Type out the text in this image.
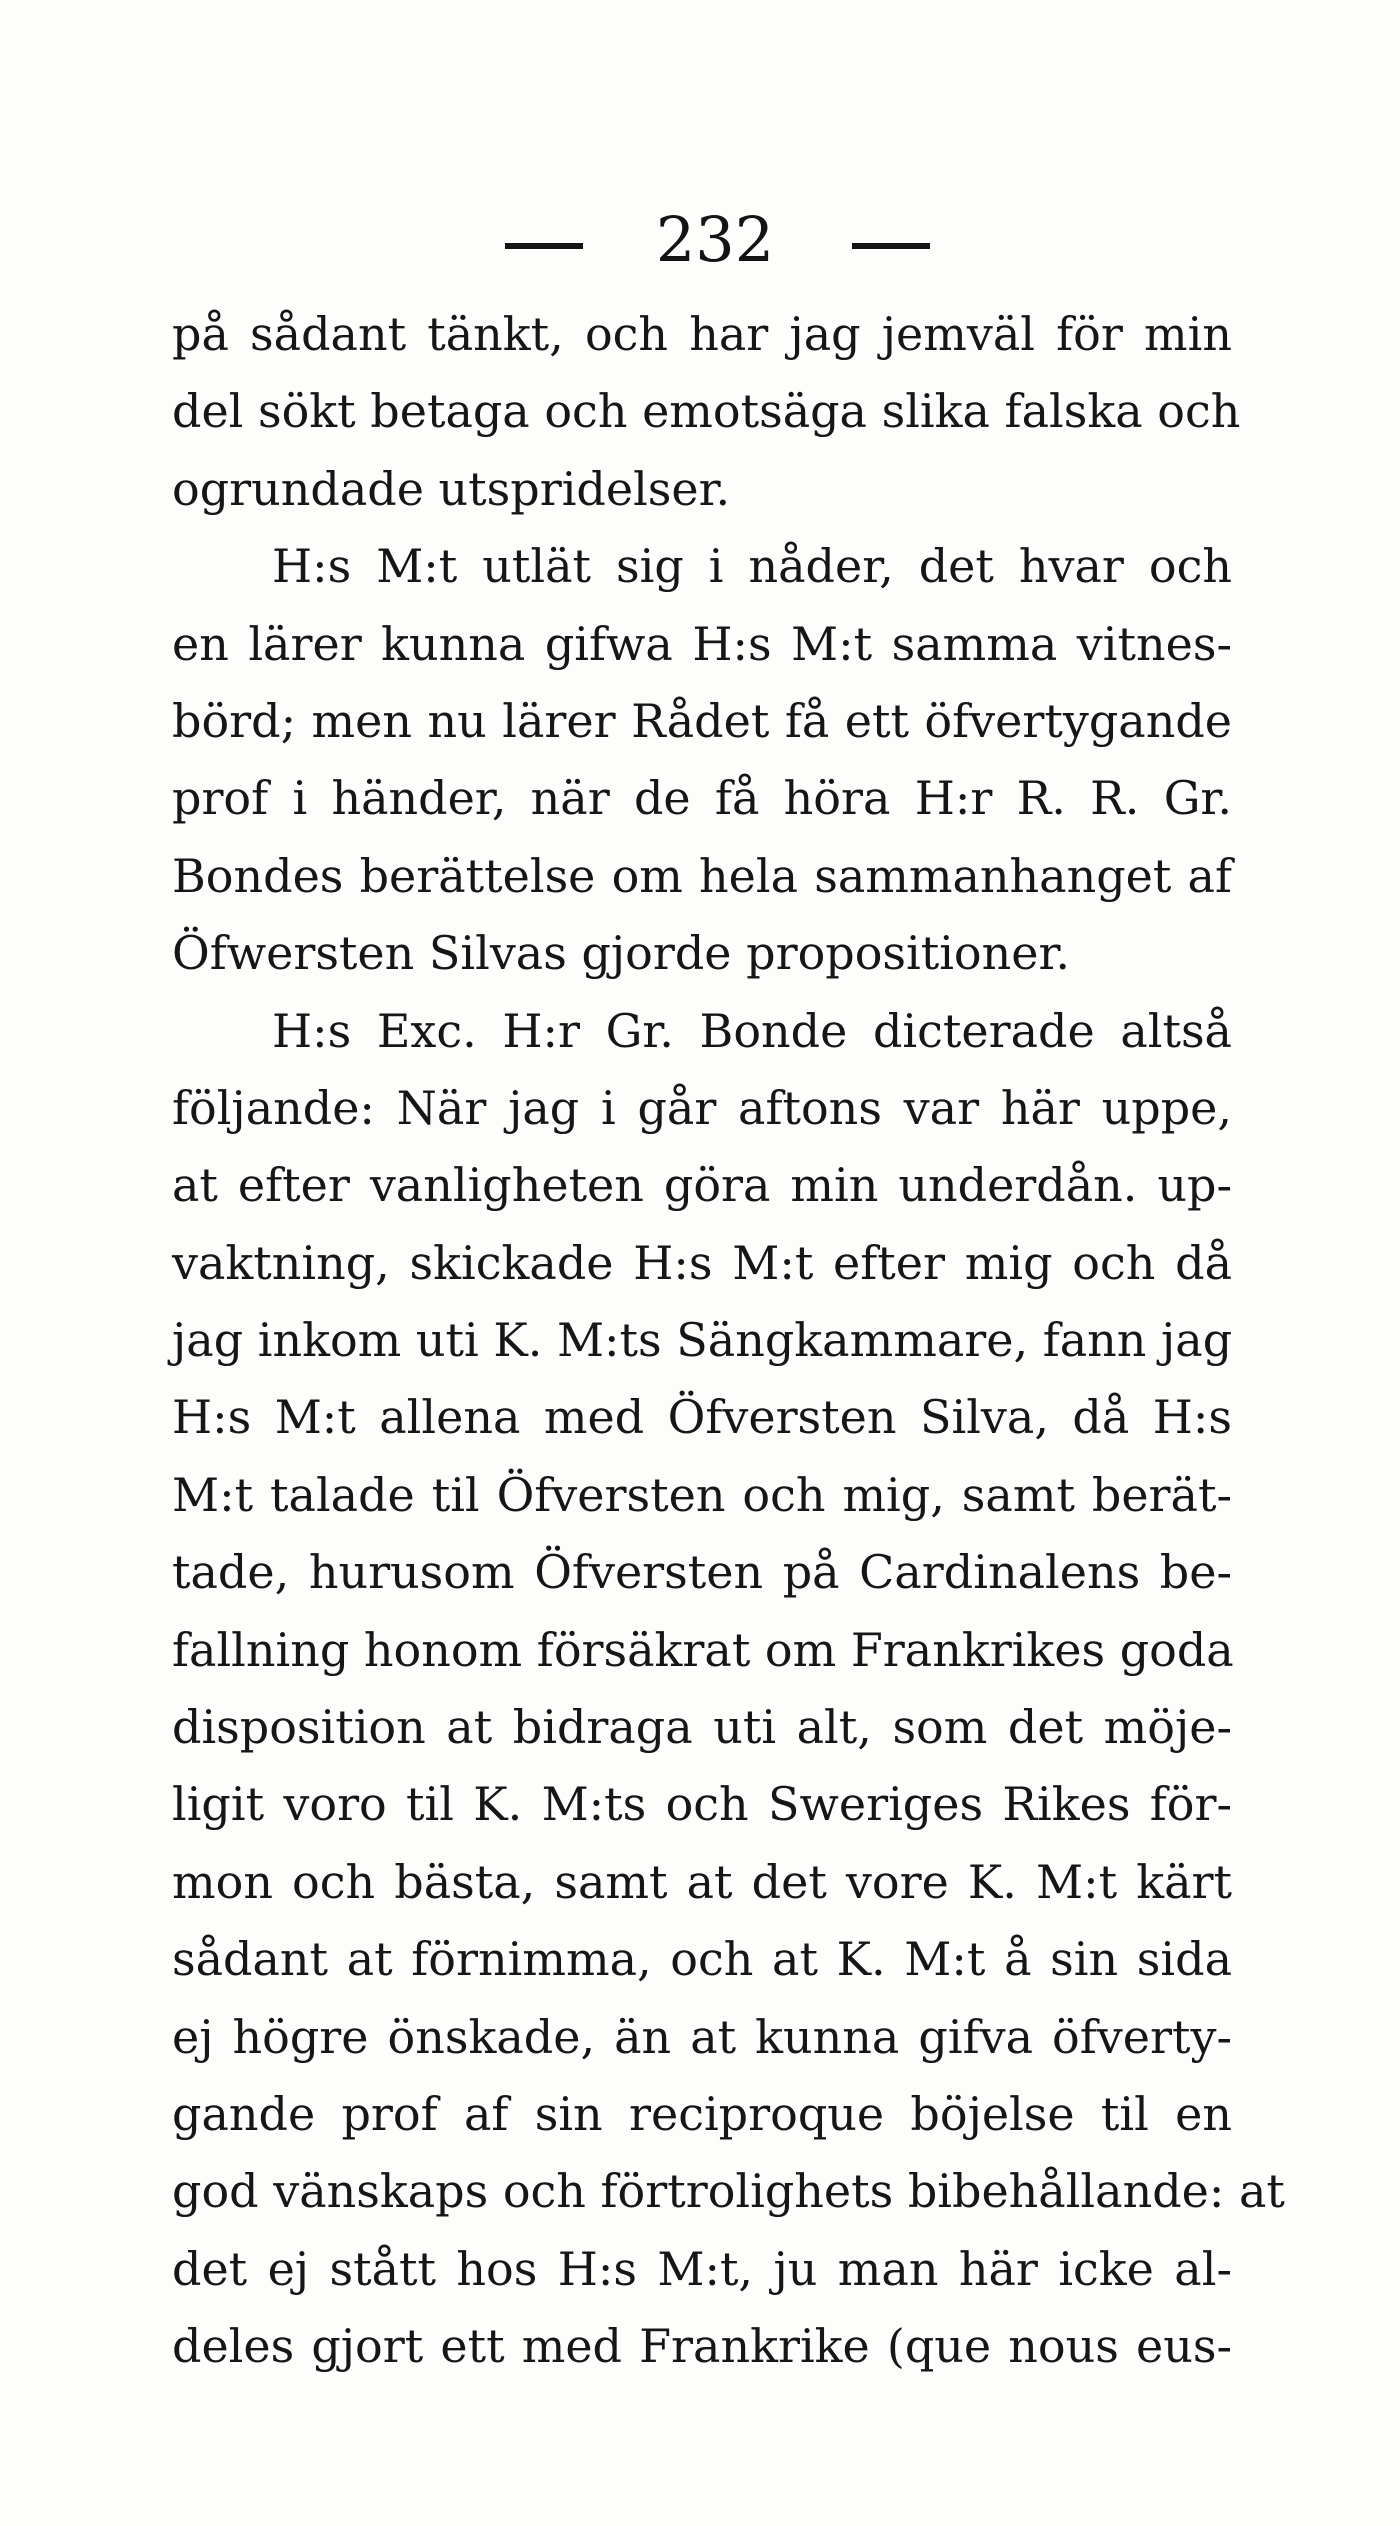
232
på sådant tänkt, och har jag jemväl för min
del sökt betaga och emotsäga slika falska och
ogrundade utspridelser.
H:s M:t utlät sig i nåder, det hvar och
en lärer kunna gifwa H:s M:t samma vitnes-
börd; men nu lärer Rådet få ett öfvertygande
prof i händer, när de få höra H:r R. R. Gr.
Bondes berättelse om hela sammanhanget af
Öfwersten Silvas gjorde propositioner.
H:s Exc. H:r Gr. Bonde dicterade altså
följande: När jag i går aftons var här uppe,
at efter vanligheten göra min underdån. up-
vaktning, skickade H:s M:t efter mig och då
jag inkom uti K. M:ts Sängkammare, fann jag
H:s M:t allena med Öfversten Silva, då H:s
M:t talade til Öfversten och mig, samt berät-
tade, hurusom Öfversten på Cardinalens be-
fallning honom försäkrat om Frankrikes goda
disposition at bidraga uti alt, som det möje-
ligit voro til K. M:ts och Sweriges Rikes för-
mon och bästa, samt at det vore K. M:t kärt
sådant at förnimma, och at K. M:t å sin sida
ej högre önskade, än at kunna gifva öfverty-
gande prof af sin reciproque böjelse til en
god vänskaps och förtrolighets bibehållande: at
det ej stått hos H:s M:t, ju man här icke al-
deles gjort ett med Frankrike (que nous eus-
